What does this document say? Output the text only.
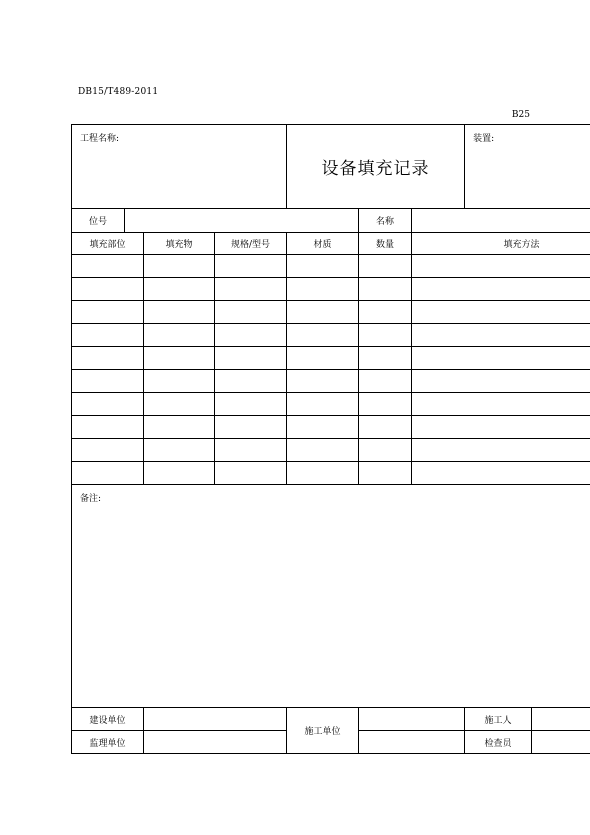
DB15/T489-2011
B25
工程名称:				设备填充记录			装置:	
位号					名称			
填充部位		填充物	规格/型号	材质	数量	填充方法		

备注:								
建设单位				施工单位			施工人	
监理单位							检查员	
